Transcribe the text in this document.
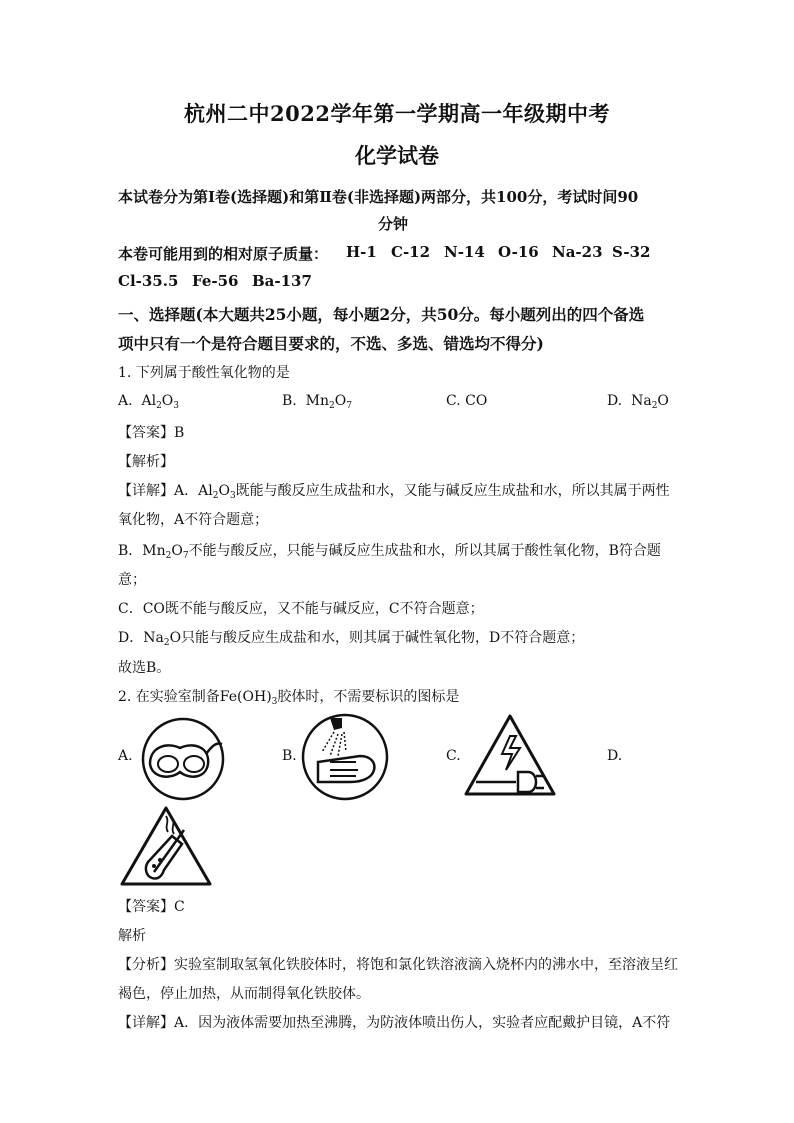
杭州二中2022学年第一学期高一年级期中考
化学试卷
本试卷分为第Ⅰ卷(选择题)和第Ⅱ卷(非选择题)两部分，共100分，考试时间90
分钟
本卷可能用到的相对原子质量： H-1 C-12 N-14 O-16 Na-23 S-32
Cl-35.5 Fe-56 Ba-137
一、选择题(本大题共25小题，每小题2分，共50分。每小题列出的四个备选
项中只有一个是符合题目要求的，不选、多选、错选均不得分)
1. 下列属于酸性氧化物的是
A.  $Al_2O_3$	B.  $Mn_2O_7$	C. CO	D.  $Na_2O$
【答案】B
【解析】
【详解】A．$Al_2O_3$既能与酸反应生成盐和水，又能与碱反应生成盐和水，所以其属于两性
氧化物，A不符合题意；
B．$Mn_2O_7$不能与酸反应，只能与碱反应生成盐和水，所以其属于酸性氧化物，B符合题
意；
C．CO既不能与酸反应，又不能与碱反应，C不符合题意；
D．$Na_2O$只能与酸反应生成盐和水，则其属于碱性氧化物，D不符合题意；
故选B。
2. 在实验室制备$Fe(OH)_3$胶体时，不需要标识的图标是
A.	B.	C.	D.
【答案】C
解析
【分析】实验室制取氢氧化铁胶体时，将饱和氯化铁溶液滴入烧杯内的沸水中，至溶液呈红
褐色，停止加热，从而制得氧化铁胶体。
【详解】A．因为液体需要加热至沸腾，为防液体喷出伤人，实验者应配戴护目镜，A不符
